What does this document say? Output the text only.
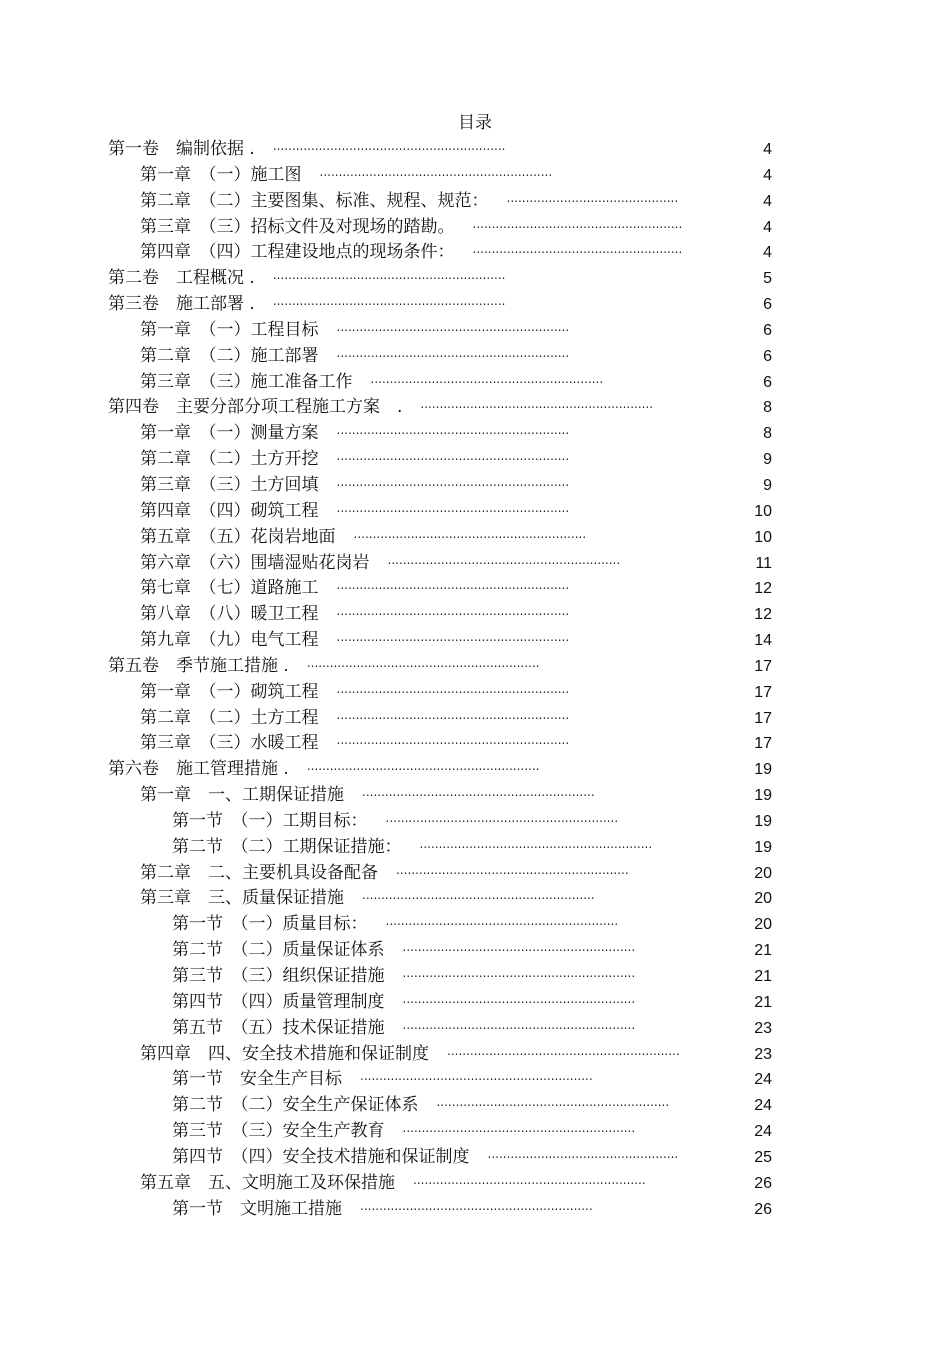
目录
第一卷　编制依据 . .............................................................	4
第一章　（一）施工图 .............................................................	4
第二章　（二）主要图集、标准、规程、规范： .............................................	4
第三章　（三）招标文件及对现场的踏勘。 .......................................................	4
第四章　（四）工程建设地点的现场条件： .......................................................	4
第二卷　工程概况 . .............................................................	5
第三卷　施工部署 . .............................................................	6
第一章　（一）工程目标 .............................................................	6
第二章　（二）施工部署 .............................................................	6
第三章　（三）施工准备工作 .............................................................	6
第四卷　主要分部分项工程施工方案　. .............................................................	8
第一章　（一）测量方案 .............................................................	8
第二章　（二）土方开挖 .............................................................	9
第三章　（三）土方回填 .............................................................	9
第四章　（四）砌筑工程 .............................................................	10
第五章　（五）花岗岩地面 .............................................................	10
第六章　（六）围墙湿贴花岗岩 .............................................................	11
第七章　（七）道路施工 .............................................................	12
第八章　（八）暖卫工程 .............................................................	12
第九章　（九）电气工程 .............................................................	14
第五卷　季节施工措施 . .............................................................	17
第一章　（一）砌筑工程 .............................................................	17
第二章　（二）土方工程 .............................................................	17
第三章　（三）水暖工程 .............................................................	17
第六卷　施工管理措施 . .............................................................	19
第一章　一、工期保证措施 .............................................................	19
第一节　（一）工期目标： .............................................................	19
第二节　（二）工期保证措施： .............................................................	19
第二章　二、主要机具设备配备 .............................................................	20
第三章　三、质量保证措施 .............................................................	20
第一节　（一）质量目标： .............................................................	20
第二节　（二）质量保证体系 .............................................................	21
第三节　（三）组织保证措施 .............................................................	21
第四节　（四）质量管理制度 .............................................................	21
第五节　（五）技术保证措施 .............................................................	23
第四章　四、安全技术措施和保证制度 .............................................................	23
第一节　安全生产目标 .............................................................	24
第二节　（二）安全生产保证体系 .............................................................	24
第三节　（三）安全生产教育 .............................................................	24
第四节　（四）安全技术措施和保证制度 ..................................................	25
第五章　五、文明施工及环保措施 .............................................................	26
第一节　文明施工措施 .............................................................	26
